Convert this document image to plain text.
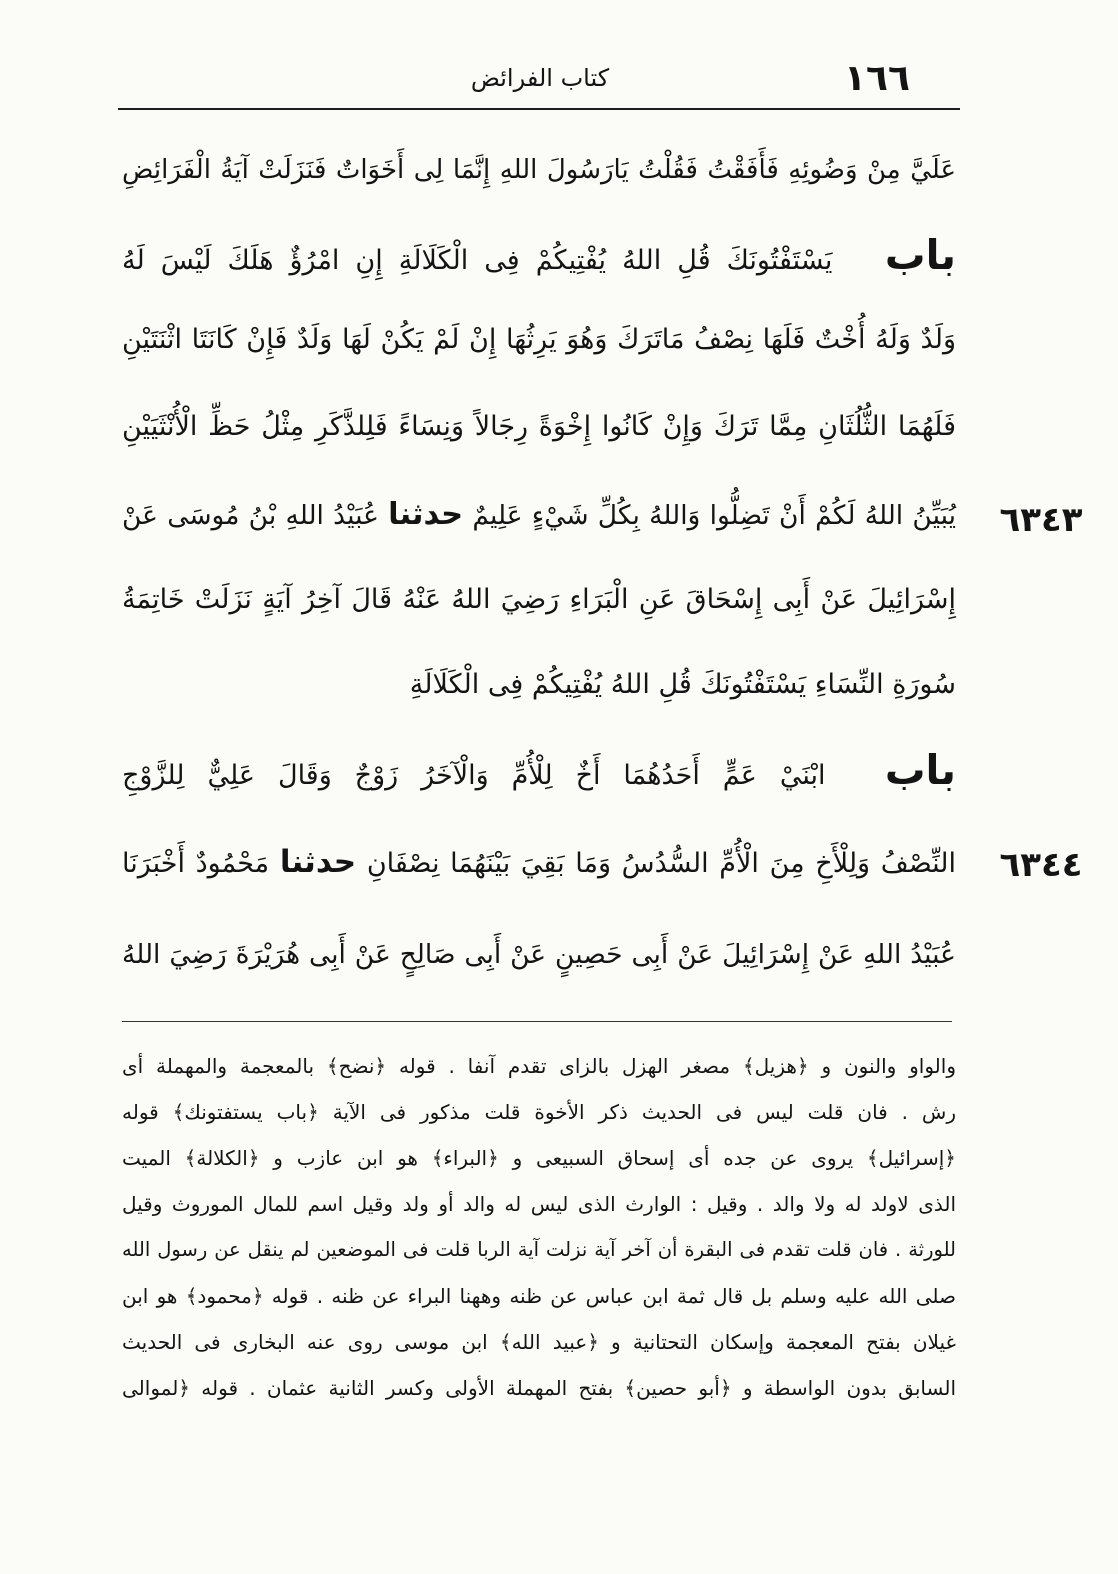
١٦٦
كتاب الفرائض
عَلَيَّ مِنْ وَضُوئِهِ فَأَفَقْتُ فَقُلْتُ يَارَسُولَ اللهِ إِنَّمَا لِى أَخَوَاتٌ فَنَزَلَتْ آيَةُ الْفَرَائِضِ
باب يَسْتَفْتُونَكَ قُلِ اللهُ يُفْتِيكُمْ فِى الْكَلَالَةِ إِنِ امْرُؤٌ هَلَكَ لَيْسَ لَهُ
وَلَدٌ وَلَهُ أُخْتٌ فَلَهَا نِصْفُ مَاتَرَكَ وَهُوَ يَرِثُهَا إِنْ لَمْ يَكُنْ لَهَا وَلَدٌ فَإِنْ كَانَتَا اثْنَتَيْنِ
فَلَهُمَا الثُّلُثَانِ مِمَّا تَرَكَ وَإِنْ كَانُوا إِخْوَةً رِجَالاً وَنِسَاءً فَلِلذَّكَرِ مِثْلُ حَظِّ الْأُنْثَيَيْنِ
يُبَيِّنُ اللهُ لَكُمْ أَنْ تَضِلُّوا وَاللهُ بِكُلِّ شَيْءٍ عَلِيمٌ حدثنا عُبَيْدُ اللهِ بْنُ مُوسَى عَنْ
إِسْرَائِيلَ عَنْ أَبِى إِسْحَاقَ عَنِ الْبَرَاءِ رَضِيَ اللهُ عَنْهُ قَالَ آخِرُ آيَةٍ نَزَلَتْ خَاتِمَةُ
سُورَةِ النِّسَاءِ يَسْتَفْتُونَكَ قُلِ اللهُ يُفْتِيكُمْ فِى الْكَلَالَةِ
باب ابْنَيْ عَمٍّ أَحَدُهُمَا أَخٌ لِلْأُمِّ وَالْآخَرُ زَوْجٌ وَقَالَ عَلِيٌّ لِلزَّوْجِ
النِّصْفُ وَلِلْأَخِ مِنَ الْأُمِّ السُّدُسُ وَمَا بَقِيَ بَيْنَهُمَا نِصْفَانِ حدثنا مَحْمُودٌ أَخْبَرَنَا
عُبَيْدُ اللهِ عَنْ إِسْرَائِيلَ عَنْ أَبِى حَصِينٍ عَنْ أَبِى صَالِحٍ عَنْ أَبِى هُرَيْرَةَ رَضِيَ اللهُ
٦٣٤٣
٦٣٤٤
والواو والنون و ﴿هزيل﴾ مصغر الهزل بالزاى تقدم آنفا . قوله ﴿نضح﴾ بالمعجمة والمهملة أى
رش . فان قلت ليس فى الحديث ذكر الأخوة قلت مذكور فى الآية ﴿باب يستفتونك﴾ قوله
﴿إسرائيل﴾ يروى عن جده أى إسحاق السبيعى و ﴿البراء﴾ هو ابن عازب و ﴿الكلالة﴾ الميت
الذى لاولد له ولا والد . وقيل : الوارث الذى ليس له والد أو ولد وقيل اسم للمال الموروث وقيل
للورثة . فان قلت تقدم فى البقرة أن آخر آية نزلت آية الربا قلت فى الموضعين لم ينقل عن رسول الله
صلى الله عليه وسلم بل قال ثمة ابن عباس عن ظنه وههنا البراء عن ظنه . قوله ﴿محمود﴾ هو ابن
غيلان بفتح المعجمة وإسكان التحتانية و ﴿عبيد الله﴾ ابن موسى روى عنه البخارى فى الحديث
السابق بدون الواسطة و ﴿أبو حصين﴾ بفتح المهملة الأولى وكسر الثانية عثمان . قوله ﴿لموالى
